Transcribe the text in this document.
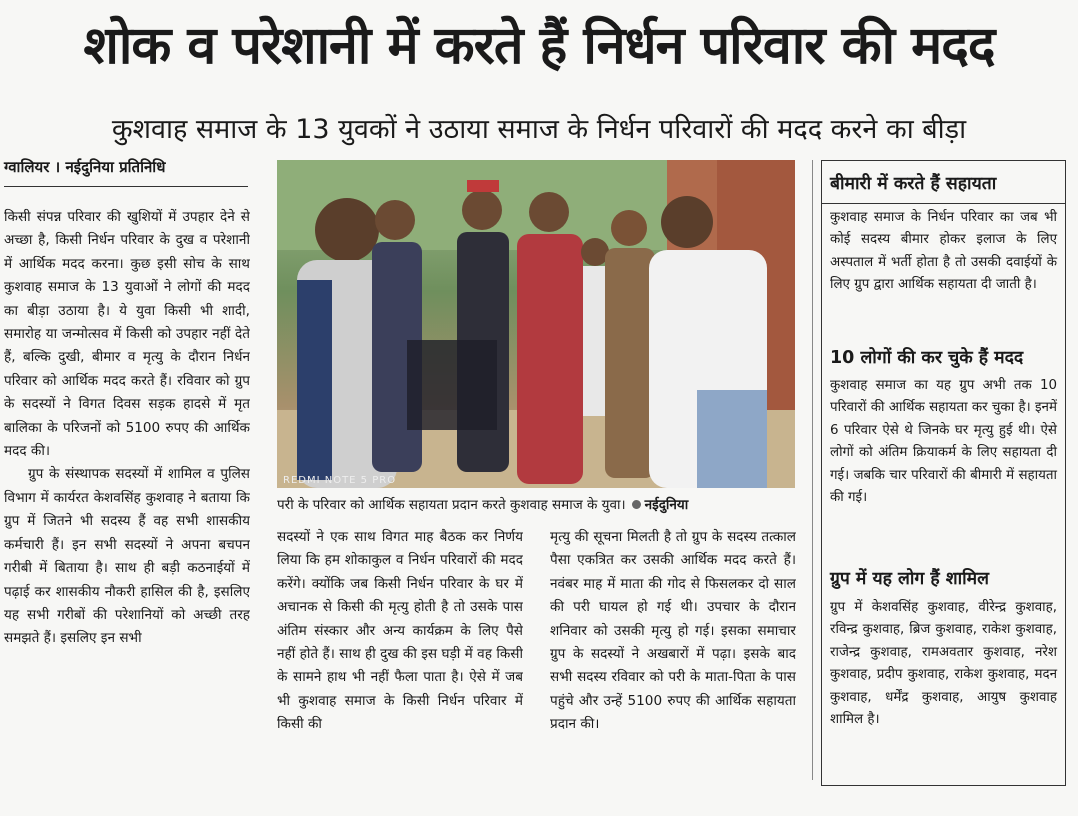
शोक व परेशानी में करते हैं निर्धन परिवार की मदद
कुशवाह समाज के 13 युवकों ने उठाया समाज के निर्धन परिवारों की मदद करने का बीड़ा
ग्वालियर । नईदुनिया प्रतिनिधि

किसी संपन्न परिवार की खुशियों में उपहार देने से अच्छा है, किसी निर्धन परिवार के दुख व परेशानी में आर्थिक मदद करना। कुछ इसी सोच के साथ कुशवाह समाज के 13 युवाओं ने लोगों की मदद का बीड़ा उठाया है। ये युवा किसी भी शादी, समारोह या जन्मोत्सव में किसी को उपहार नहीं देते हैं, बल्कि दुखी, बीमार व मृत्यु के दौरान निर्धन परिवार को आर्थिक मदद करते हैं। रविवार को ग्रुप के सदस्यों ने विगत दिवस सड़क हादसे में मृत बालिका के परिजनों को 5100 रुपए की आर्थिक मदद की।

ग्रुप के संस्थापक सदस्यों में शामिल व पुलिस विभाग में कार्यरत केशवसिंह कुशवाह ने बताया कि ग्रुप में जितने भी सदस्य हैं वह सभी शासकीय कर्मचारी हैं। इन सभी सदस्यों ने अपना बचपन गरीबी में बिताया है। साथ ही बड़ी कठनाईयों में पढ़ाई कर शासकीय नौकरी हासिल की है, इसलिए यह सभी गरीबों की परेशानियों को अच्छी तरह समझते हैं। इसलिए इन सभी

REDMI NOTE 5 PRO
परी के परिवार को आर्थिक सहायता प्रदान करते कुशवाह समाज के युवा। नईदुनिया

सदस्यों ने एक साथ विगत माह बैठक कर निर्णय लिया कि हम शोकाकुल व निर्धन परिवारों की मदद करेंगे। क्योंकि जब किसी निर्धन परिवार के घर में अचानक से किसी की मृत्यु होती है तो उसके पास अंतिम संस्कार और अन्य कार्यक्रम के लिए पैसे नहीं होते हैं। साथ ही दुख की इस घड़ी में वह किसी के सामने हाथ भी नहीं फैला पाता है। ऐसे में जब भी कुशवाह समाज के किसी निर्धन परिवार में किसी की

मृत्यु की सूचना मिलती है तो ग्रुप के सदस्य तत्काल पैसा एकत्रित कर उसकी आर्थिक मदद करते हैं। नवंबर माह में माता की गोद से फिसलकर दो साल की परी घायल हो गई थी। उपचार के दौरान शनिवार को उसकी मृत्यु हो गई। इसका समाचार ग्रुप के सदस्यों ने अखबारों में पढ़ा। इसके बाद सभी सदस्य रविवार को परी के माता-पिता के पास पहुंचे और उन्हें 5100 रुपए की आर्थिक सहायता प्रदान की।

बीमारी में करते हैं सहायता
कुशवाह समाज के निर्धन परिवार का जब भी कोई सदस्य बीमार होकर इलाज के लिए अस्पताल में भर्ती होता है तो उसकी दवाईयों के लिए ग्रुप द्वारा आर्थिक सहायता दी जाती है।
10 लोगों की कर चुके हैं मदद
कुशवाह समाज का यह ग्रुप अभी तक 10 परिवारों की आर्थिक सहायता कर चुका है। इनमें 6 परिवार ऐसे थे जिनके घर मृत्यु हुई थी। ऐसे लोगों को अंतिम क्रियाकर्म के लिए सहायता दी गई। जबकि चार परिवारों की बीमारी में सहायता की गई।
ग्रुप में यह लोग हैं शामिल
ग्रुप में केशवसिंह कुशवाह, वीरेन्द्र कुशवाह, रविन्द्र कुशवाह, ब्रिज कुशवाह, राकेश कुशवाह, राजेन्द्र कुशवाह, रामअवतार कुशवाह, नरेश कुशवाह, प्रदीप कुशवाह, राकेश कुशवाह, मदन कुशवाह, धर्मेंद्र कुशवाह, आयुष कुशवाह शामिल है।
